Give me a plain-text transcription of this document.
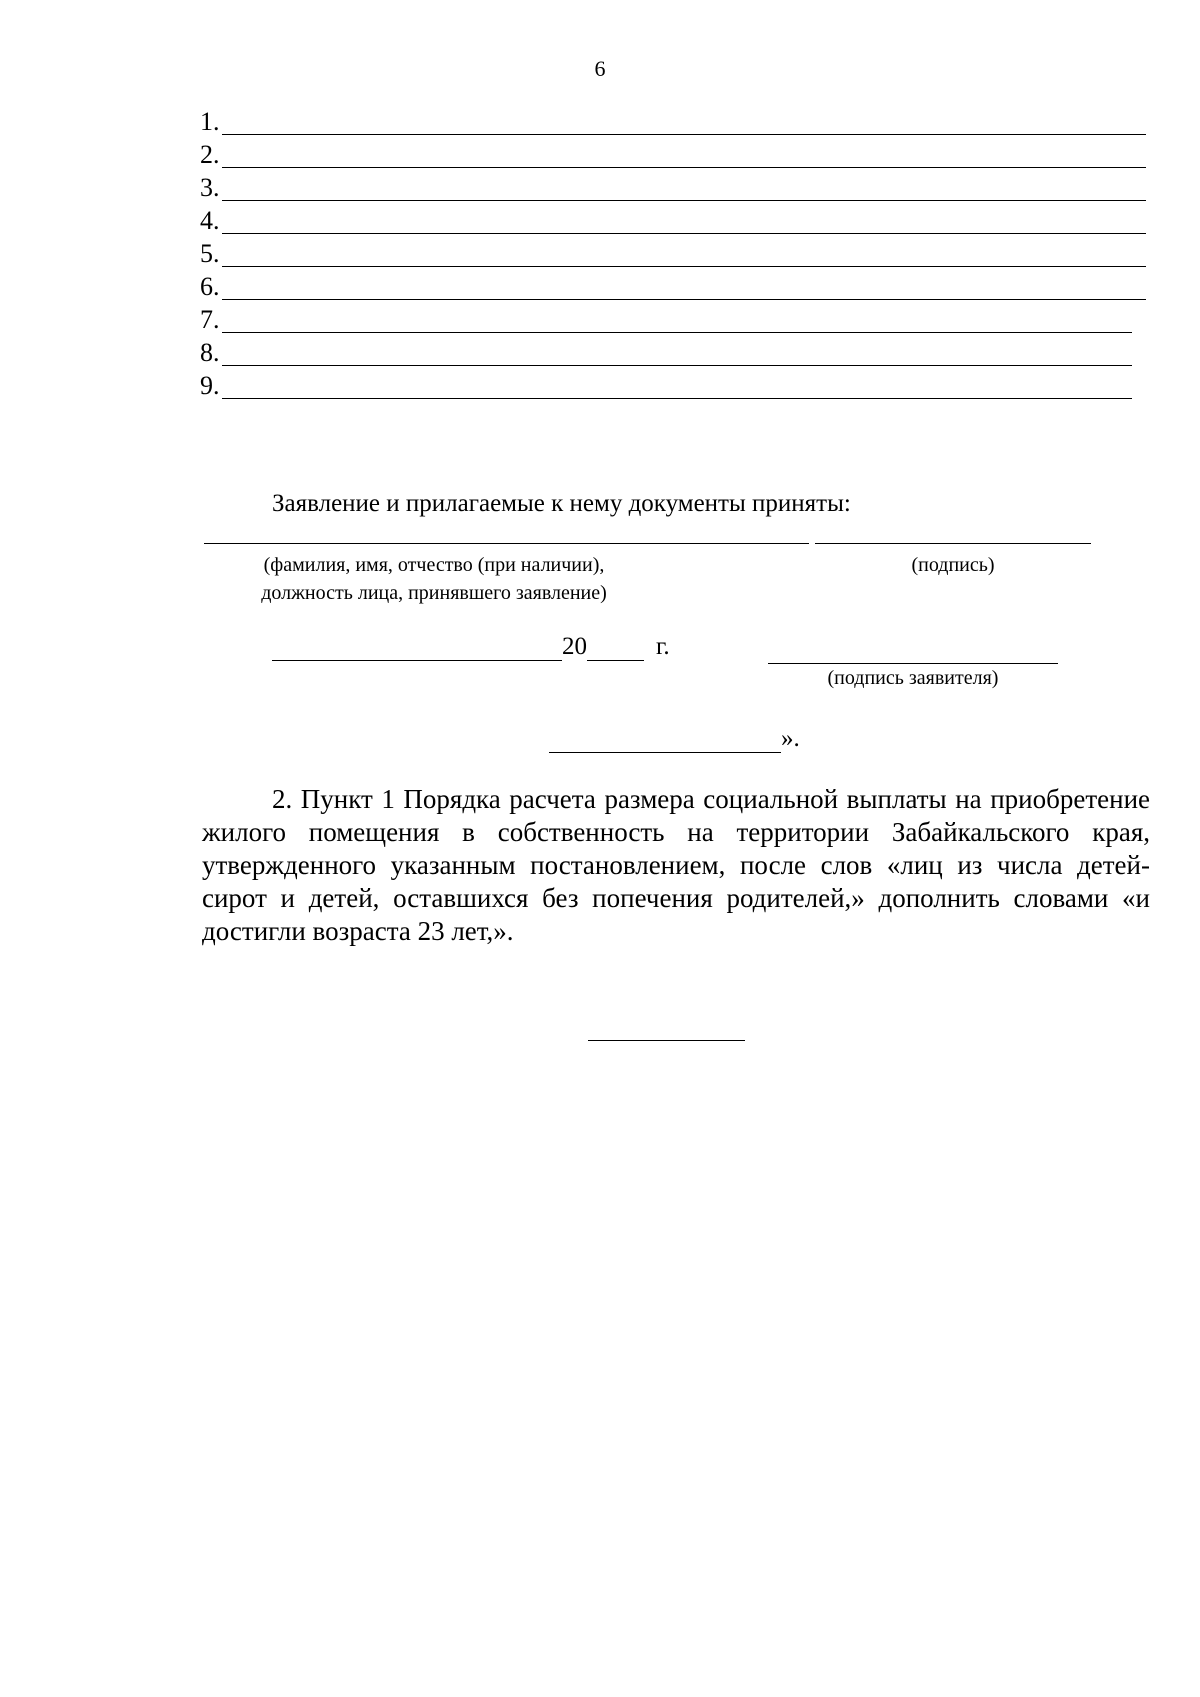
6
1.
2.
3.
4.
5.
6.
7.
8.
9.
Заявление и прилагаемые к нему документы приняты:
(фамилия, имя, отчество (при наличии),
должность лица, принявшего заявление)
(подпись)
20	г.
(подпись заявителя)
».

2. Пункт 1 Порядка расчета размера социальной выплаты на приобретение жилого помещения в собственность на территории Забайкальского края, утвержденного указанным постановлением, после слов «лиц из числа детей-сирот и детей, оставшихся без попечения родителей,» дополнить словами «и достигли возраста 23 лет,».
